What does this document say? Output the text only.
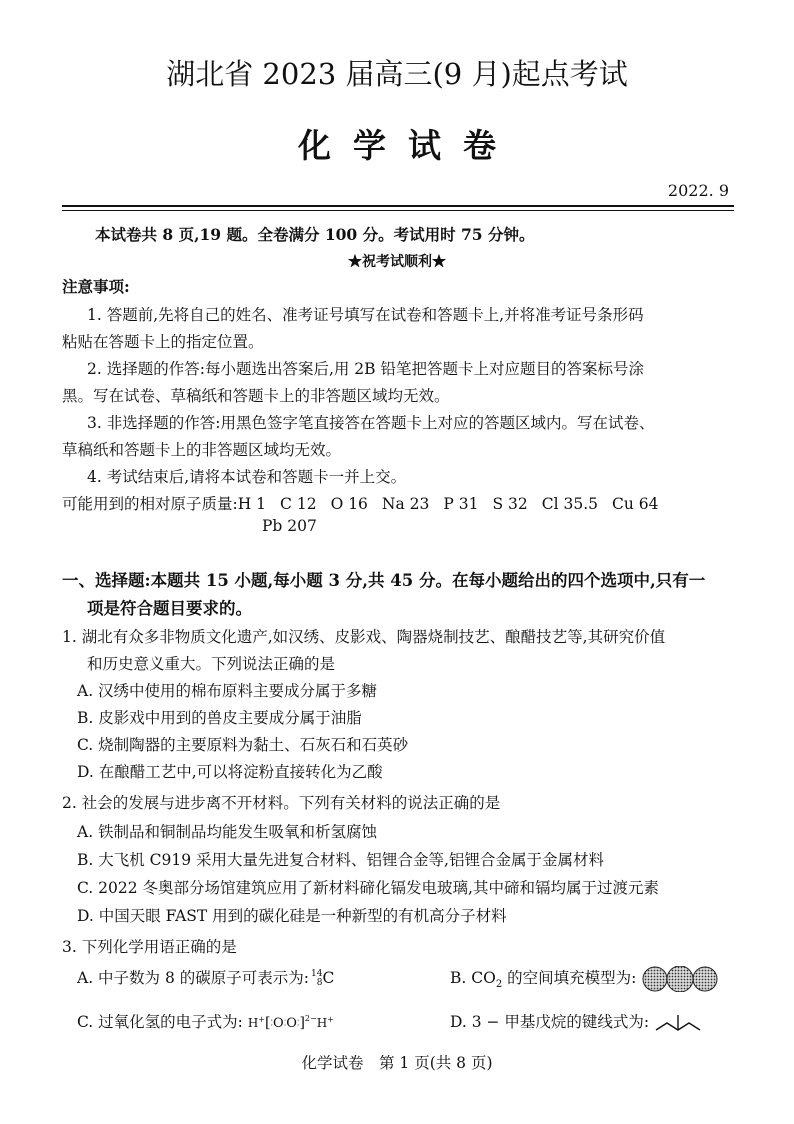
湖北省 2023 届高三(9 月)起点考试
化学试卷
2022. 9
本试卷共 8 页,19 题。全卷满分 100 分。考试用时 75 分钟。
★祝考试顺利★
注意事项:
1. 答题前,先将自己的姓名、准考证号填写在试卷和答题卡上,并将准考证号条形码
粘贴在答题卡上的指定位置。
2. 选择题的作答:每小题选出答案后,用 2B 铅笔把答题卡上对应题目的答案标号涂
黑。写在试卷、草稿纸和答题卡上的非答题区域均无效。
3. 非选择题的作答:用黑色签字笔直接答在答题卡上对应的答题区域内。写在试卷、
草稿纸和答题卡上的非答题区域均无效。
4. 考试结束后,请将本试卷和答题卡一并上交。
可能用到的相对原子质量:H 1 C 12 O 16 Na 23 P 31 S 32 Cl 35.5 Cu 64
Pb 207
一、选择题:本题共 15 小题,每小题 3 分,共 45 分。在每小题给出的四个选项中,只有一
项是符合题目要求的。
1. 湖北有众多非物质文化遗产,如汉绣、皮影戏、陶器烧制技艺、酿醋技艺等,其研究价值
和历史意义重大。下列说法正确的是
A. 汉绣中使用的棉布原料主要成分属于多糖
B. 皮影戏中用到的兽皮主要成分属于油脂
C. 烧制陶器的主要原料为黏土、石灰石和石英砂
D. 在酿醋工艺中,可以将淀粉直接转化为乙酸
2. 社会的发展与进步离不开材料。下列有关材料的说法正确的是
A. 铁制品和铜制品均能发生吸氧和析氢腐蚀
B. 大飞机 C919 采用大量先进复合材料、铝锂合金等,铝锂合金属于金属材料
C. 2022 冬奥部分场馆建筑应用了新材料碲化镉发电玻璃,其中碲和镉均属于过渡元素
D. 中国天眼 FAST 用到的碳化硅是一种新型的有机高分子材料
3. 下列化学用语正确的是
A. 中子数为 8 的碳原子可表示为: 14
8 C	B. $CO_2$ 的空间填充模型为:
C. 过氧化氢的电子式为: H+[⁚O⁚O⁚]$^{2-}$H+	D. 3 − 甲基戊烷的键线式为:
化学试卷　第 1 页(共 8 页)
